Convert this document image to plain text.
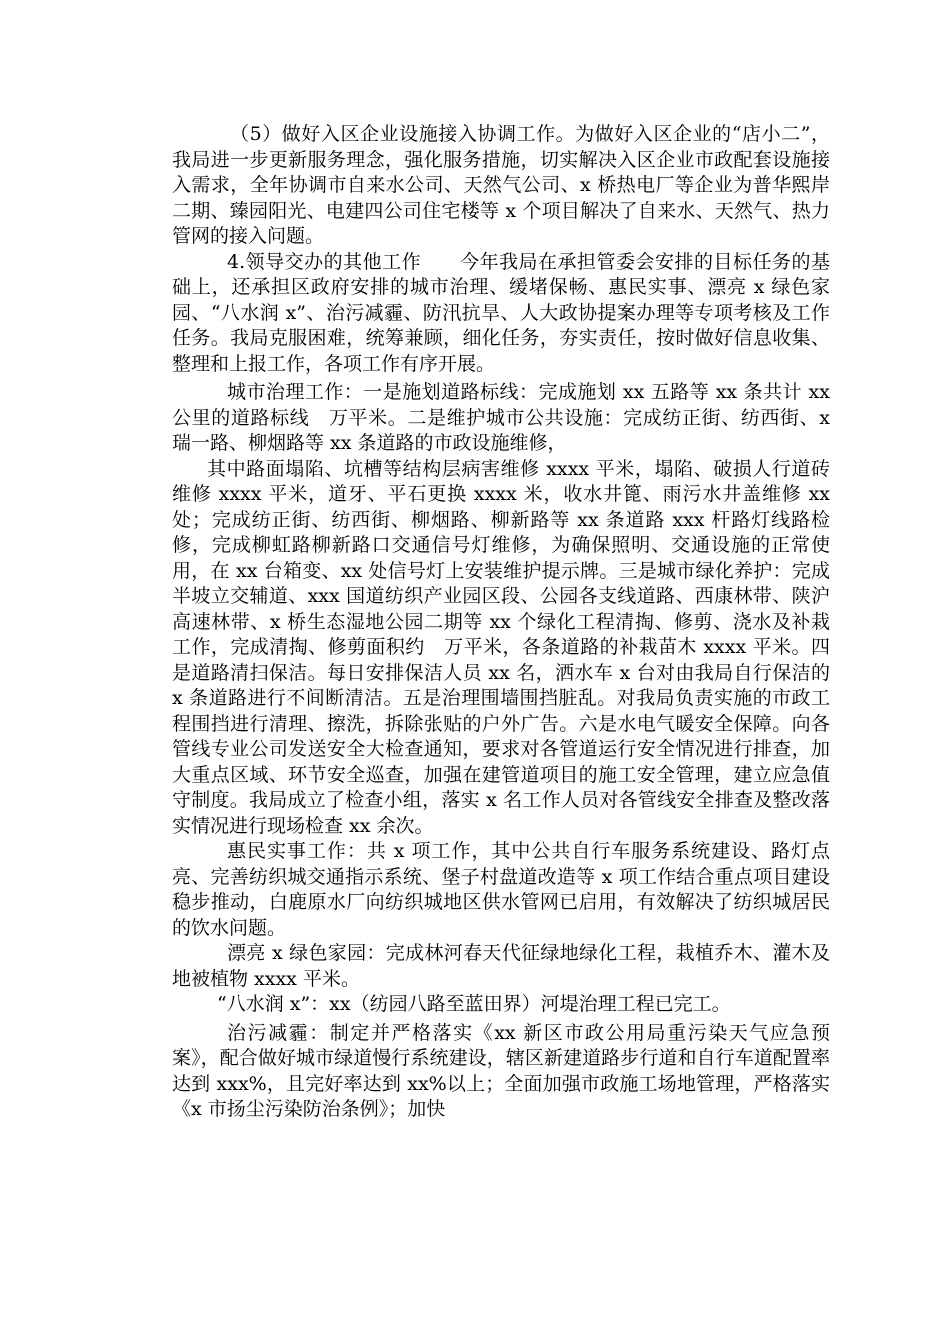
（5）做好入区企业设施接入协调工作。为做好入区企业的“店小二”，我局进一步更新服务理念，强化服务措施，切实解决入区企业市政配套设施接入需求，全年协调市自来水公司、天然气公司、x 桥热电厂等企业为普华熙岸二期、臻园阳光、电建四公司住宅楼等 x 个项目解决了自来水、天然气、热力管网的接入问题。

4.领导交办的其他工作　　今年我局在承担管委会安排的目标任务的基础上，还承担区政府安排的城市治理、缓堵保畅、惠民实事、漂亮 x 绿色家园、“八水润 x”、治污减霾、防汛抗旱、人大政协提案办理等专项考核及工作任务。我局克服困难，统筹兼顾，细化任务，夯实责任，按时做好信息收集、整理和上报工作，各项工作有序开展。

城市治理工作：一是施划道路标线：完成施划 xx 五路等 xx 条共计 xx 公里的道路标线　万平米。二是维护城市公共设施：完成纺正街、纺西街、x 瑞一路、柳烟路等 xx 条道路的市政设施维修，

其中路面塌陷、坑槽等结构层病害维修 xxxx 平米，塌陷、破损人行道砖维修 xxxx 平米，道牙、平石更换 xxxx 米，收水井篦、雨污水井盖维修 xx 处；完成纺正街、纺西街、柳烟路、柳新路等 xx 条道路 xxx 杆路灯线路检修，完成柳虹路柳新路口交通信号灯维修，为确保照明、交通设施的正常使用，在 xx 台箱变、xx 处信号灯上安装维护提示牌。三是城市绿化养护：完成半坡立交辅道、xxx 国道纺织产业园区段、公园各支线道路、西康林带、陕沪高速林带、x 桥生态湿地公园二期等 xx 个绿化工程清掏、修剪、浇水及补栽工作，完成清掏、修剪面积约　万平米，各条道路的补栽苗木 xxxx 平米。四是道路清扫保洁。每日安排保洁人员 xx 名，洒水车 x 台对由我局自行保洁的 x 条道路进行不间断清洁。五是治理围墙围挡脏乱。对我局负责实施的市政工程围挡进行清理、擦洗，拆除张贴的户外广告。六是水电气暖安全保障。向各管线专业公司发送安全大检查通知，要求对各管道运行安全情况进行排查，加大重点区域、环节安全巡查，加强在建管道项目的施工安全管理，建立应急值守制度。我局成立了检查小组，落实 x 名工作人员对各管线安全排查及整改落实情况进行现场检查 xx 余次。

惠民实事工作：共 x 项工作，其中公共自行车服务系统建设、路灯点亮、完善纺织城交通指示系统、堡子村盘道改造等 x 项工作结合重点项目建设稳步推动，白鹿原水厂向纺织城地区供水管网已启用，有效解决了纺织城居民的饮水问题。

漂亮 x 绿色家园：完成林河春天代征绿地绿化工程，栽植乔木、灌木及地被植物 xxxx 平米。

“八水润 x”：xx（纺园八路至蓝田界）河堤治理工程已完工。

治污减霾：制定并严格落实《xx 新区市政公用局重污染天气应急预案》，配合做好城市绿道慢行系统建设，辖区新建道路步行道和自行车道配置率达到 xxx%，且完好率达到 xx%以上；全面加强市政施工场地管理，严格落实《x 市扬尘污染防治条例》；加快
